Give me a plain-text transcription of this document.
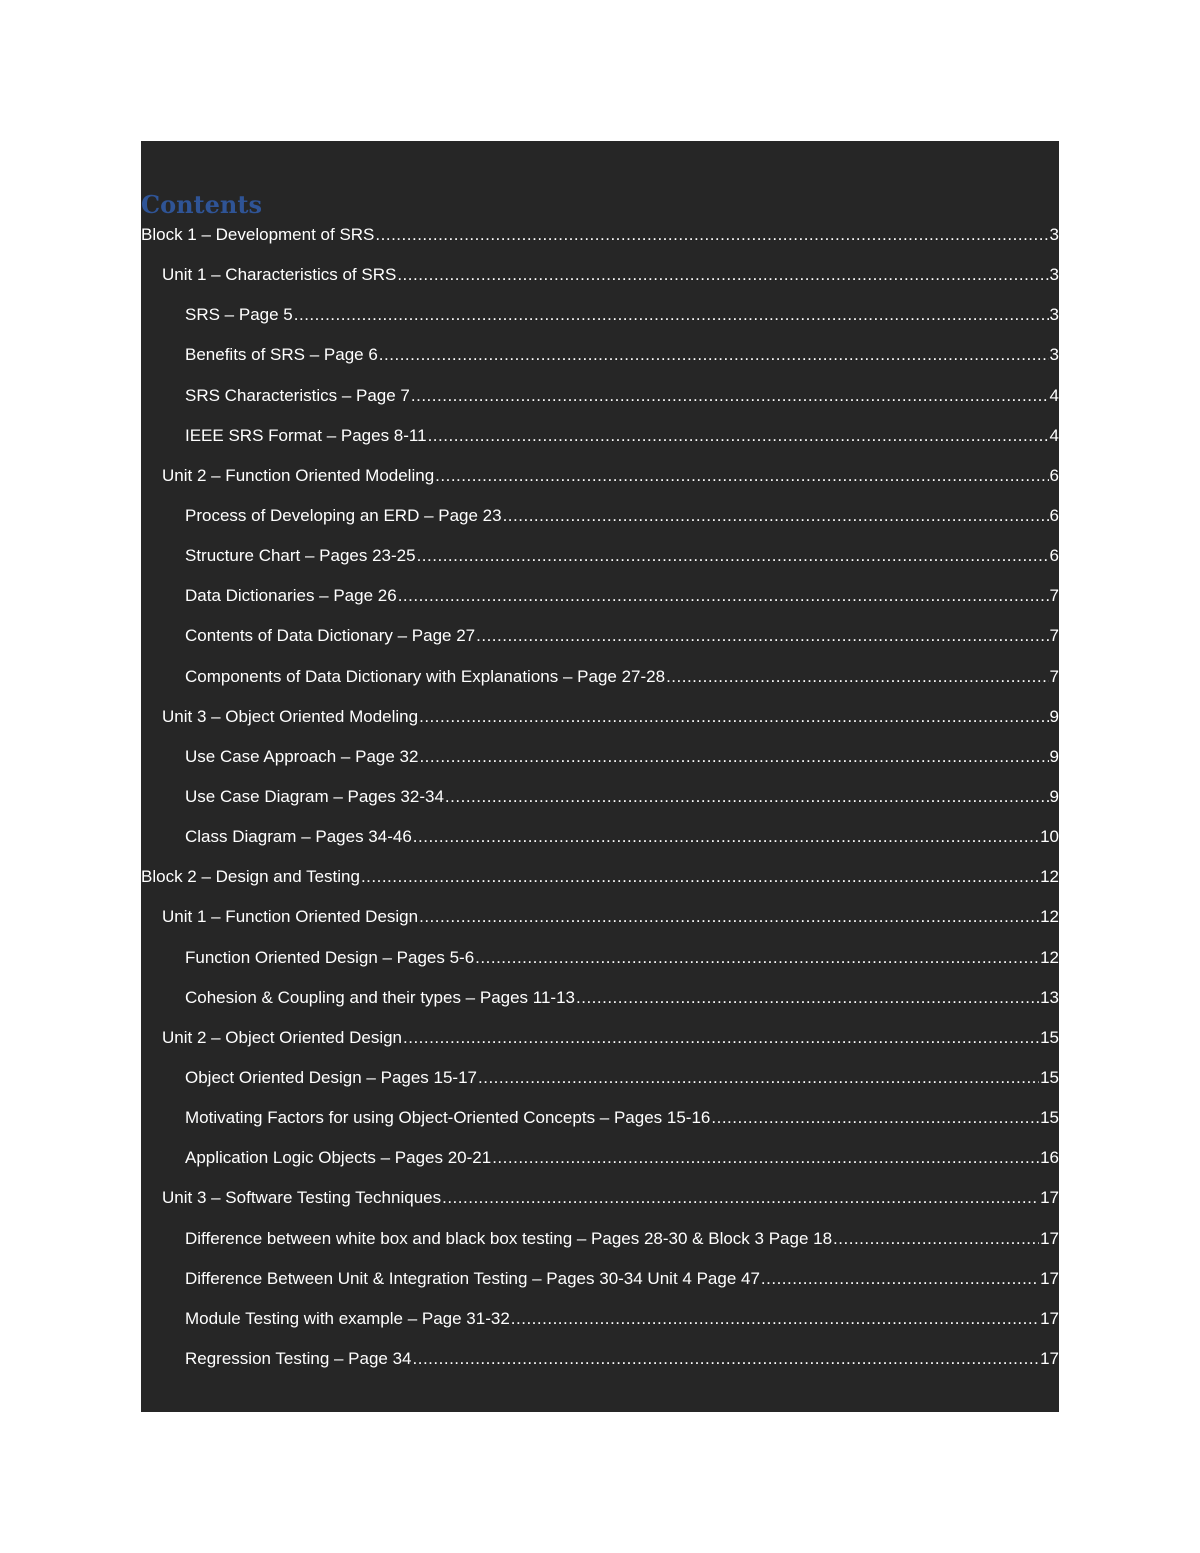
Contents
Block 1 – Development of SRS .....	3
Unit 1 – Characteristics of SRS .....	3
SRS – Page 5 .....	3
Benefits of SRS – Page 6 .....	3
SRS Characteristics – Page 7 .....	4
IEEE SRS Format – Pages 8-11 .....	4
Unit 2 – Function Oriented Modeling .....	6
Process of Developing an ERD – Page 23 .....	6
Structure Chart – Pages 23-25 .....	6
Data Dictionaries – Page 26 .....	7
Contents of Data Dictionary – Page 27 .....	7
Components of Data Dictionary with Explanations – Page 27-28 .....	7
Unit 3 – Object Oriented Modeling .....	9
Use Case Approach – Page 32 .....	9
Use Case Diagram – Pages 32-34 .....	9
Class Diagram – Pages 34-46 .....	10
Block 2 – Design and Testing .....	12
Unit 1 – Function Oriented Design .....	12
Function Oriented Design – Pages 5-6 .....	12
Cohesion & Coupling and their types – Pages 11-13 .....	13
Unit 2 – Object Oriented Design .....	15
Object Oriented Design – Pages 15-17 .....	15
Motivating Factors for using Object-Oriented Concepts – Pages 15-16 .....	15
Application Logic Objects – Pages 20-21 .....	16
Unit 3 – Software Testing Techniques .....	17
Difference between white box and black box testing – Pages 28-30 & Block 3 Page 18 .....	17
Difference Between Unit & Integration Testing – Pages 30-34 Unit 4 Page 47 .....	17
Module Testing with example – Page 31-32 .....	17
Regression Testing – Page 34 .....	17
